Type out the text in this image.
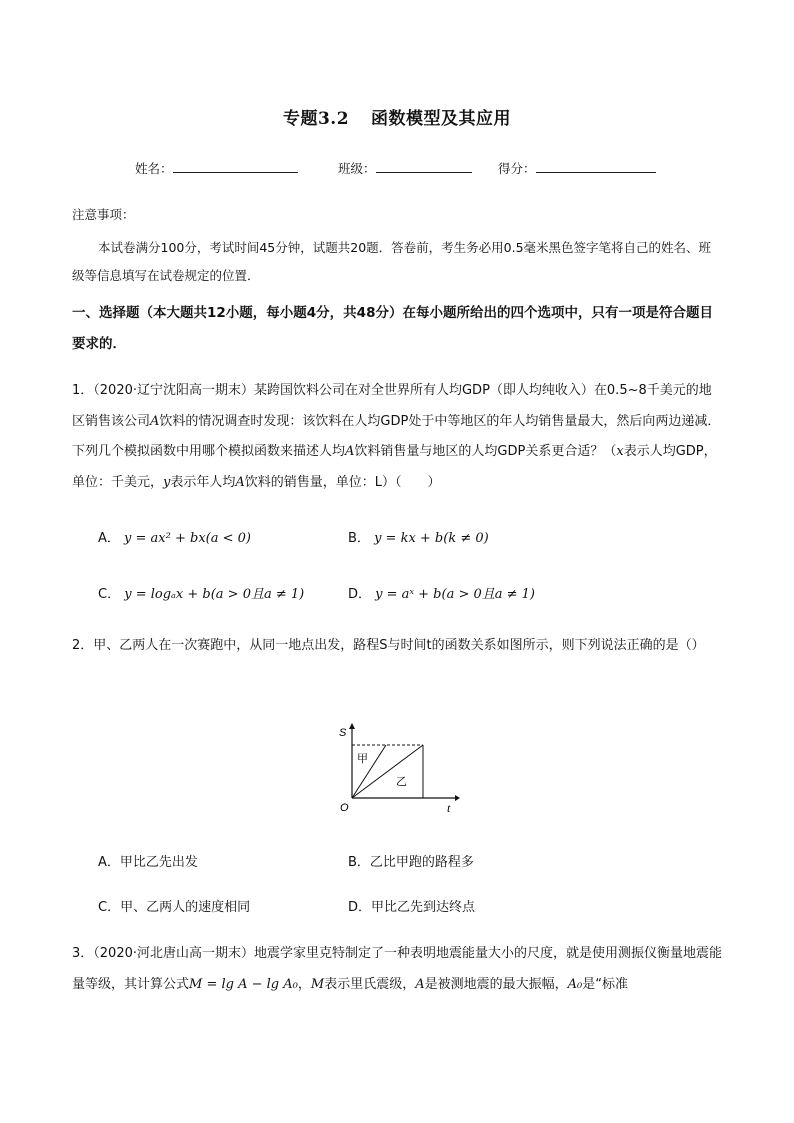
专题3.2 函数模型及其应用
姓名：	班级：	得分：
注意事项：
本试卷满分100分，考试时间45分钟，试题共20题．答卷前，考生务必用0.5毫米黑色签字笔将自己的姓名、班级等信息填写在试卷规定的位置．
一、选择题（本大题共12小题，每小题4分，共48分）在每小题所给出的四个选项中，只有一项是符合题目要求的．
1．（2020·辽宁沈阳高一期末）某跨国饮料公司在对全世界所有人均GDP（即人均纯收入）在0.5~8千美元的地区销售该公司A饮料的情况调查时发现：该饮料在人均GDP处于中等地区的年人均销售量最大，然后向两边递减．下列几个模拟函数中用哪个模拟函数来描述人均A饮料销售量与地区的人均GDP关系更合适？（x表示人均GDP，单位：千美元，y表示年人均A饮料的销售量，单位：L）（　　）
A． y = ax² + bx(a < 0)	B． y = kx + b(k ≠ 0)
C． y = logₐx + b(a > 0且a ≠ 1)	D． y = aˣ + b(a > 0且a ≠ 1)
2．甲、乙两人在一次赛跑中，从同一地点出发，路程S与时间t的函数关系如图所示，则下列说法正确的是（）
S
t
O
甲
乙
A．甲比乙先出发	B．乙比甲跑的路程多
C．甲、乙两人的速度相同	D．甲比乙先到达终点
3．（2020·河北唐山高一期末）地震学家里克特制定了一种表明地震能量大小的尺度，就是使用测振仪衡量地震能量等级，其计算公式M = lg A − lg A₀，M表示里氏震级，A是被测地震的最大振幅，A₀是“标准
